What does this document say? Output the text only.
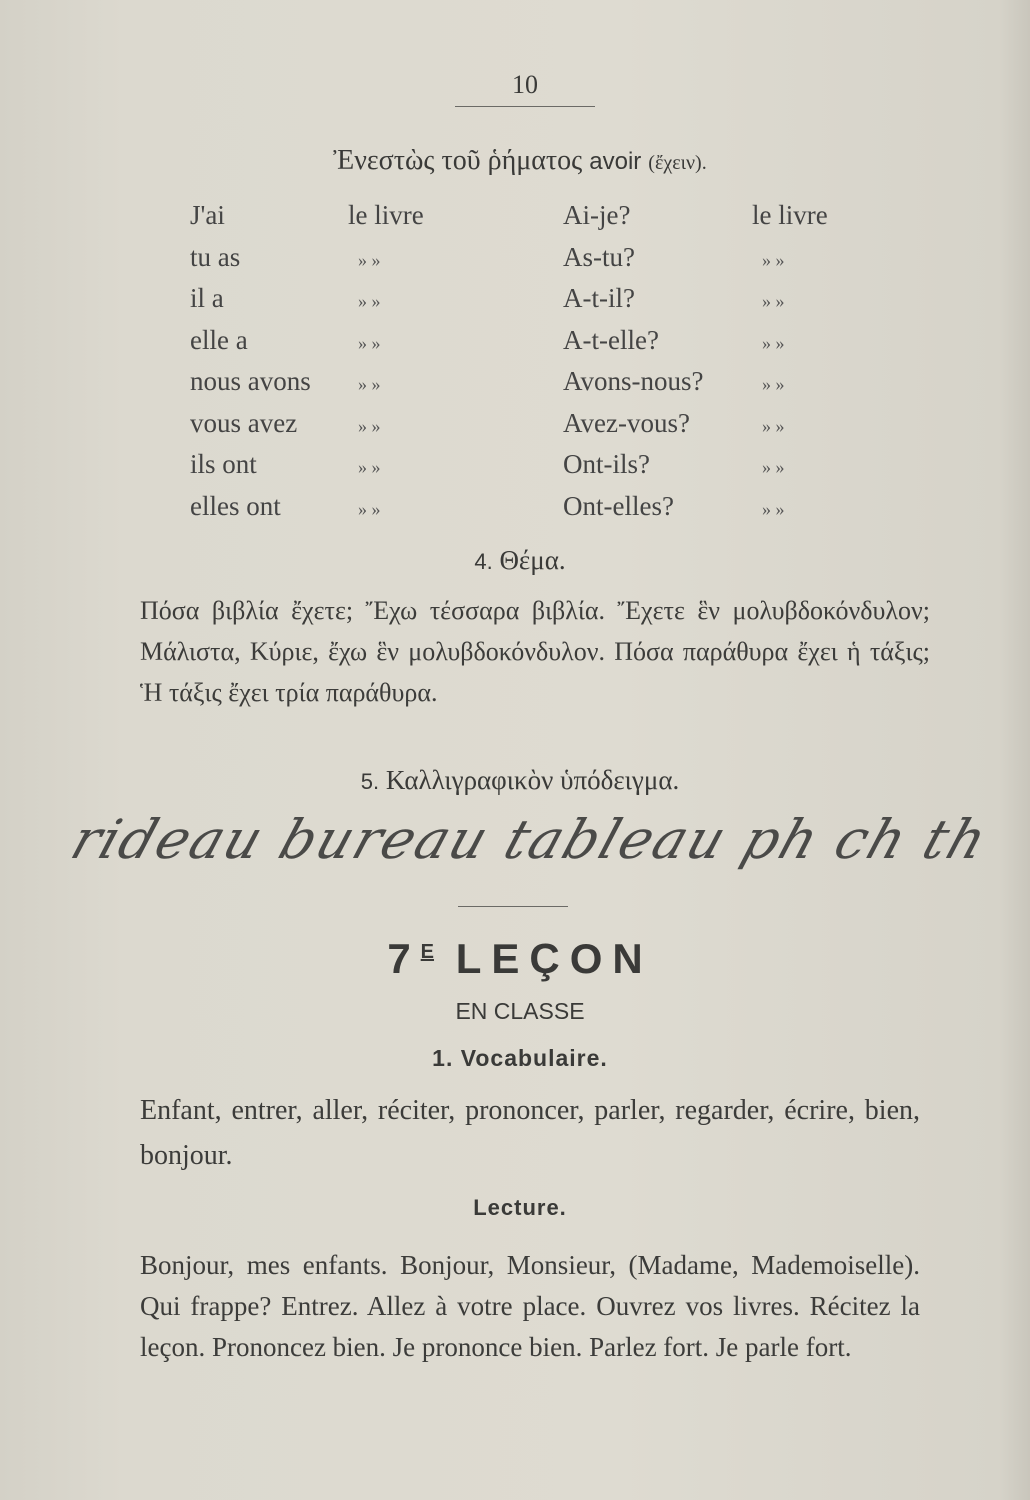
10
Ἐνεστὼς τοῦ ῥήματος avoir (ἔχειν).
J'ai	le livre	Ai-je?	le livre
tu as	» »	As-tu?	» »
il a	» »	A-t-il?	» »
elle a	» »	A-t-elle?	» »
nous avons	» »	Avons-nous?	» »
vous avez	» »	Avez-vous?	» »
ils ont	» »	Ont-ils?	» »
elles ont	» »	Ont-elles?	» »
4. Θέμα.
Πόσα βιβλία ἔχετε; Ἔχω τέσσαρα βιβλία. Ἔχετε ἓν μολυβδοκόνδυλον; Μάλιστα, Κύριε, ἔχω ἓν μολυβδοκόνδυλον. Πόσα παράθυρα ἔχει ἡ τάξις; Ἡ τάξις ἔχει τρία παράθυρα.
5. Καλλιγραφικὸν ὑπόδειγμα.
rideau bureau tableau ph ch th
$7^E$ LEÇON
EN CLASSE
1. Vocabulaire.
Enfant, entrer, aller, réciter, prononcer, parler, regarder, écrire, bien, bonjour.
Lecture.
Bonjour, mes enfants. Bonjour, Monsieur, (Madame, Mademoiselle). Qui frappe? Entrez. Allez à votre place. Ouvrez vos livres. Récitez la leçon. Prononcez bien. Je prononce bien. Parlez fort. Je parle fort.
